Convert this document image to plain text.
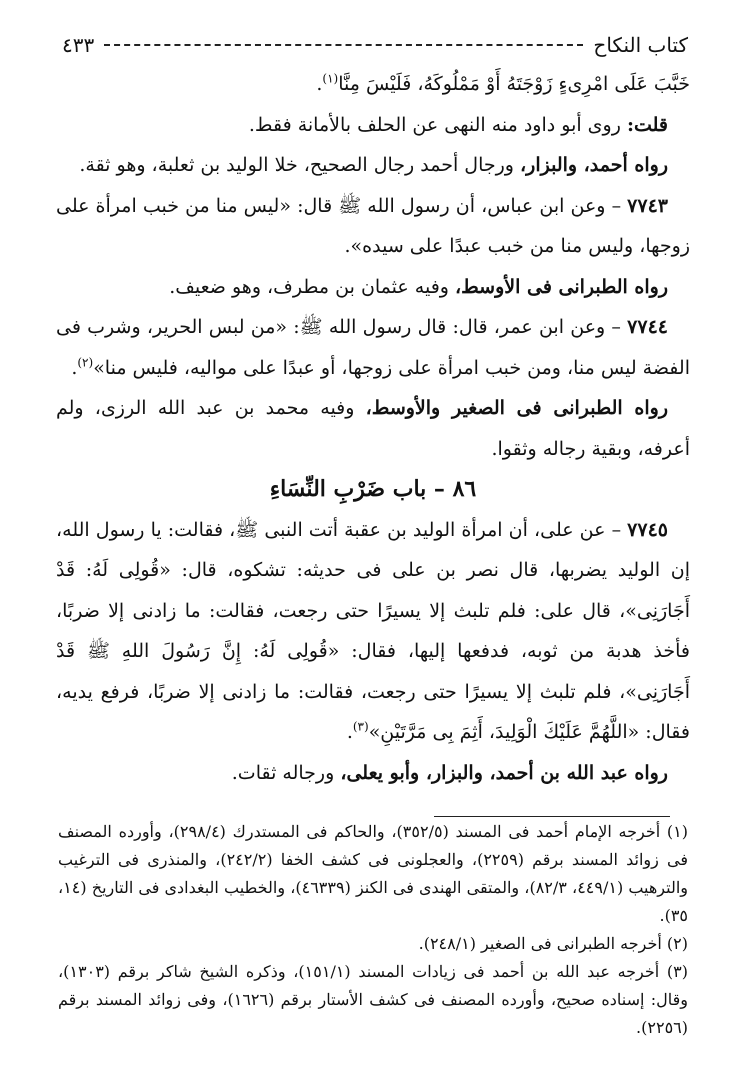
كتاب النكاح
٤٣٣

خَبَّبَ عَلَى امْرِىءٍ زَوْجَتَهُ أَوْ مَمْلُوكَهُ، فَلَيْسَ مِنَّا$^{(١)}$.

قلت: روى أبو داود منه النهى عن الحلف بالأمانة فقط.

رواه أحمد، والبزار، ورجال أحمد رجال الصحيح، خلا الوليد بن ثعلبة، وهو ثقة.

٧٧٤٣ – وعن ابن عباس، أن رسول الله ﷺ قال: «ليس منا من خبب امرأة على زوجها، وليس منا من خبب عبدًا على سيده».

رواه الطبرانى فى الأوسط، وفيه عثمان بن مطرف، وهو ضعيف.

٧٧٤٤ – وعن ابن عمر، قال: قال رسول الله ﷺ: «من لبس الحرير، وشرب فى الفضة ليس منا، ومن خبب امرأة على زوجها، أو عبدًا على مواليه، فليس منا»$^{(٢)}$.

رواه الطبرانى فى الصغير والأوسط، وفيه محمد بن عبد الله الرزى، ولم أعرفه، وبقية رجاله وثقوا.

٨٦ – باب ضَرْبِ النِّسَاءِ

٧٧٤٥ – عن على، أن امرأة الوليد بن عقبة أتت النبى ﷺ، فقالت: يا رسول الله، إن الوليد يضربها، قال نصر بن على فى حديثه: تشكوه، قال: «قُولِى لَهُ: قَدْ أَجَارَنِى»، قال على: فلم تلبث إلا يسيرًا حتى رجعت، فقالت: ما زادنى إلا ضربًا، فأخذ هدبة من ثوبه، فدفعها إليها، فقال: «قُولِى لَهُ: إِنَّ رَسُولَ اللهِ ﷺ قَدْ أَجَارَنِى»، فلم تلبث إلا يسيرًا حتى رجعت، فقالت: ما زادنى إلا ضربًا، فرفع يديه، فقال: «اللَّهُمَّ عَلَيْكَ الْوَلِيدَ، أَثِمَ بِى مَرَّتَيْنِ»$^{(٣)}$.

رواه عبد الله بن أحمد، والبزار، وأبو يعلى، ورجاله ثقات.

(١) أخرجه الإمام أحمد فى المسند (٣٥٢/٥)، والحاكم فى المستدرك (٢٩٨/٤)، وأورده المصنف فى زوائد المسند برقم (٢٢٥٩)، والعجلونى فى كشف الخفا (٢٤٢/٢)، والمنذرى فى الترغيب والترهيب (٤٤٩/١، ٨٢/٣)، والمتقى الهندى فى الكنز (٤٦٣٣٩)، والخطيب البغدادى فى التاريخ (١٤، ٣٥).

(٢) أخرجه الطبرانى فى الصغير (٢٤٨/١).

(٣) أخرجه عبد الله بن أحمد فى زيادات المسند (١٥١/١)، وذكره الشيخ شاكر برقم (١٣٠٣)، وقال: إسناده صحيح، وأورده المصنف فى كشف الأستار برقم (١٦٢٦)، وفى زوائد المسند برقم (٢٢٥٦).
